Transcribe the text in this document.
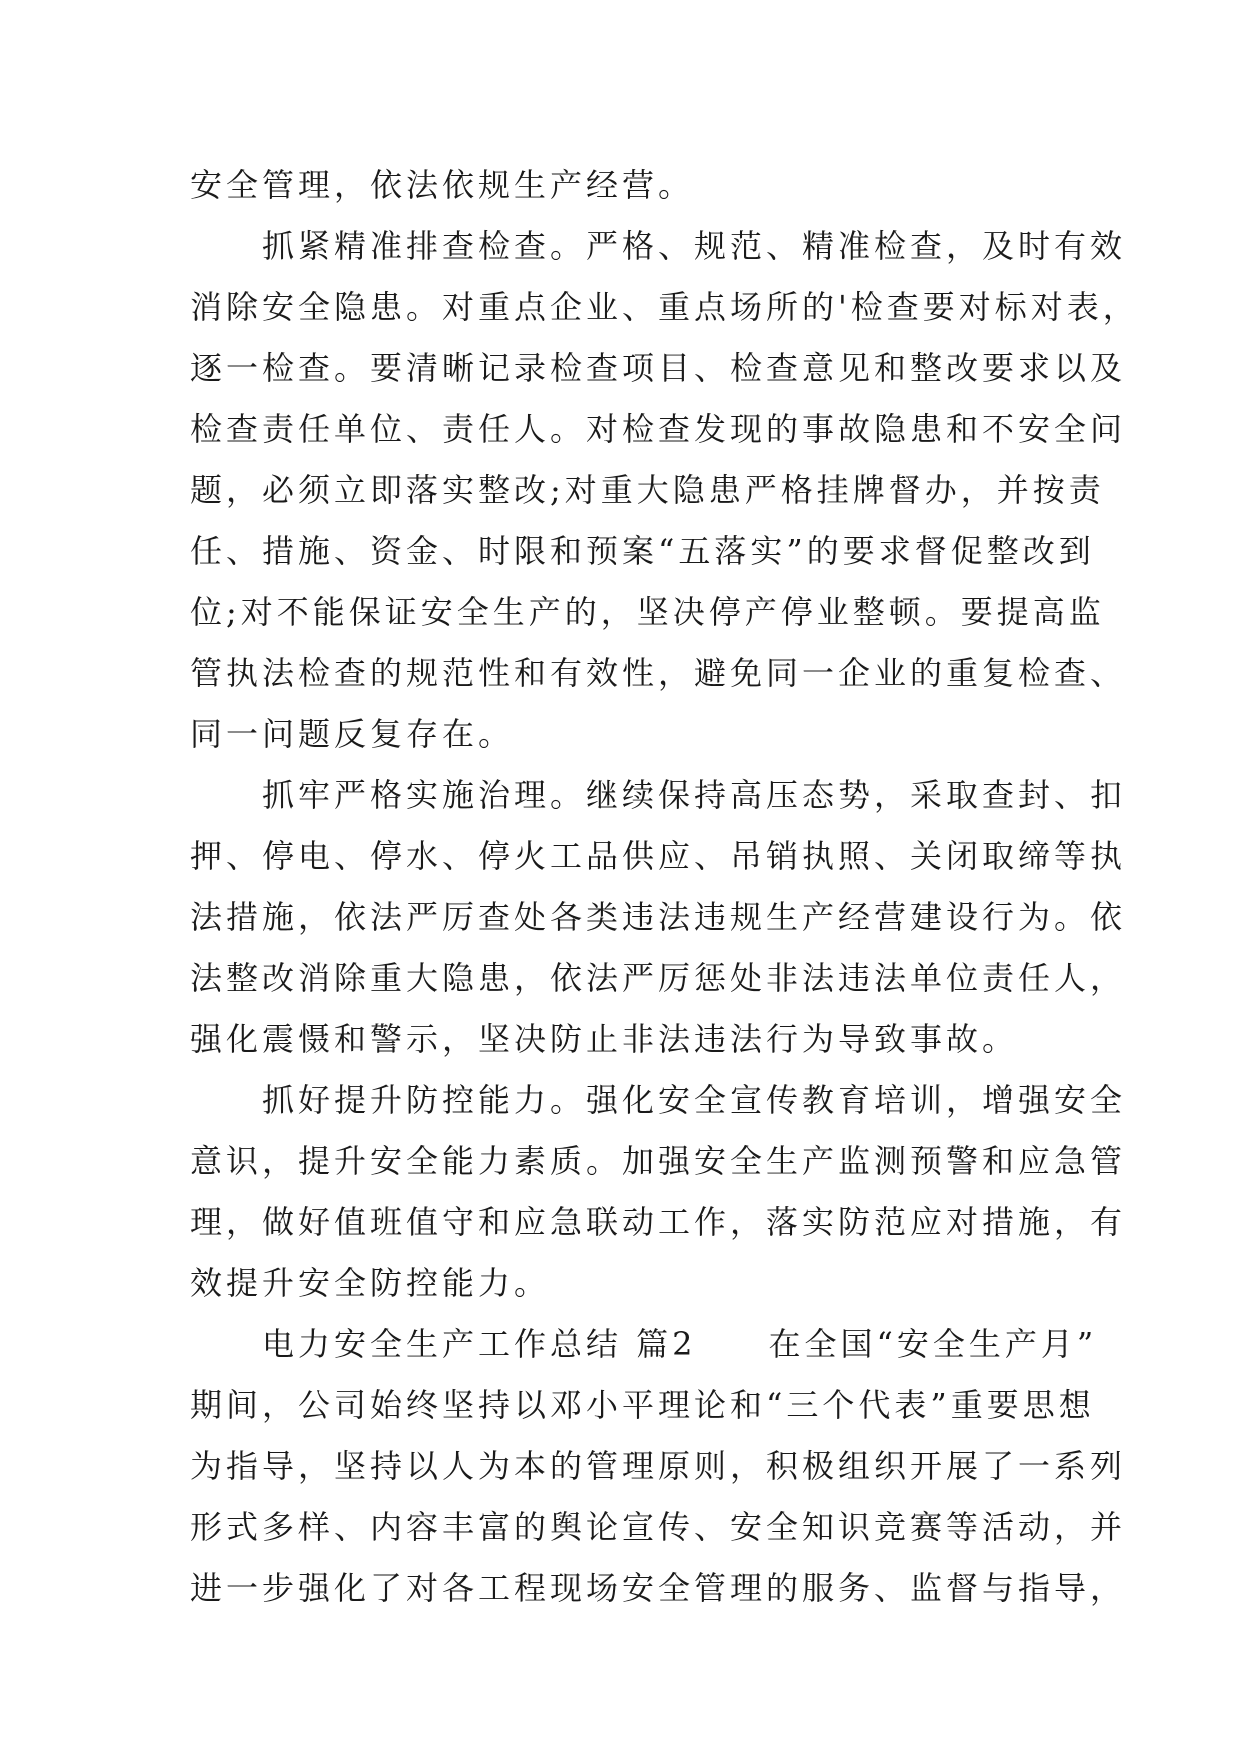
安全管理，依法依规生产经营。
　　抓紧精准排查检查。严格、规范、精准检查，及时有效
消除安全隐患。对重点企业、重点场所的'检查要对标对表，
逐一检查。要清晰记录检查项目、检查意见和整改要求以及
检查责任单位、责任人。对检查发现的事故隐患和不安全问
题，必须立即落实整改;对重大隐患严格挂牌督办，并按责
任、措施、资金、时限和预案“五落实”的要求督促整改到
位;对不能保证安全生产的，坚决停产停业整顿。要提高监
管执法检查的规范性和有效性，避免同一企业的重复检查、
同一问题反复存在。
　　抓牢严格实施治理。继续保持高压态势，采取查封、扣
押、停电、停水、停火工品供应、吊销执照、关闭取缔等执
法措施，依法严厉查处各类违法违规生产经营建设行为。依
法整改消除重大隐患，依法严厉惩处非法违法单位责任人，
强化震慑和警示，坚决防止非法违法行为导致事故。
　　抓好提升防控能力。强化安全宣传教育培训，增强安全
意识，提升安全能力素质。加强安全生产监测预警和应急管
理，做好值班值守和应急联动工作，落实防范应对措施，有
效提升安全防控能力。
　　电力安全生产工作总结 篇2　　在全国“安全生产月”
期间，公司始终坚持以邓小平理论和“三个代表”重要思想
为指导，坚持以人为本的管理原则，积极组织开展了一系列
形式多样、内容丰富的舆论宣传、安全知识竞赛等活动，并
进一步强化了对各工程现场安全管理的服务、监督与指导，
